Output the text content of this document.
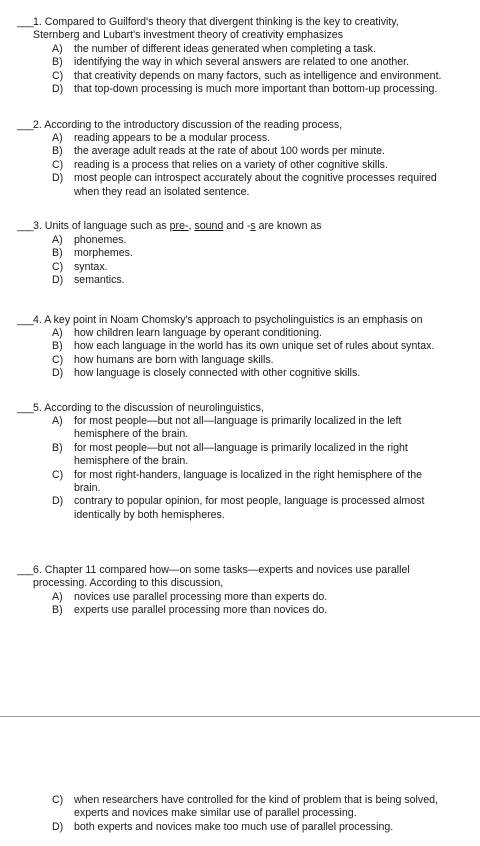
___ 1. Compared to Guilford's theory that divergent thinking is the key to creativity,
Sternberg and Lubart's investment theory of creativity emphasizes
A) the number of different ideas generated when completing a task.
B) identifying the way in which several answers are related to one another.
C) that creativity depends on many factors, such as intelligence and environment.
D) that top-down processing is much more important than bottom-up processing.
___ 2. According to the introductory discussion of the reading process,
A) reading appears to be a modular process.
B) the average adult reads at the rate of about 100 words per minute.
C) reading is a process that relies on a variety of other cognitive skills.
D) most people can introspect accurately about the cognitive processes required
when they read an isolated sentence.
___ 3. Units of language such as pre-, sound and -s are known as
A) phonemes.
B) morphemes.
C) syntax.
D) semantics.
___ 4. A key point in Noam Chomsky's approach to psycholinguistics is an emphasis on
A) how children learn language by operant conditioning.
B) how each language in the world has its own unique set of rules about syntax.
C) how humans are born with language skills.
D) how language is closely connected with other cognitive skills.
___ 5. According to the discussion of neurolinguistics,
A) for most people—but not all—language is primarily localized in the left
hemisphere of the brain.
B) for most people—but not all—language is primarily localized in the right
hemisphere of the brain.
C) for most right-handers, language is localized in the right hemisphere of the
brain.
D) contrary to popular opinion, for most people, language is processed almost
identically by both hemispheres.
___ 6. Chapter 11 compared how—on some tasks—experts and novices use parallel
processing. According to this discussion,
A) novices use parallel processing more than experts do.
B) experts use parallel processing more than novices do.
C) when researchers have controlled for the kind of problem that is being solved,
experts and novices make similar use of parallel processing.
D) both experts and novices make too much use of parallel processing.
